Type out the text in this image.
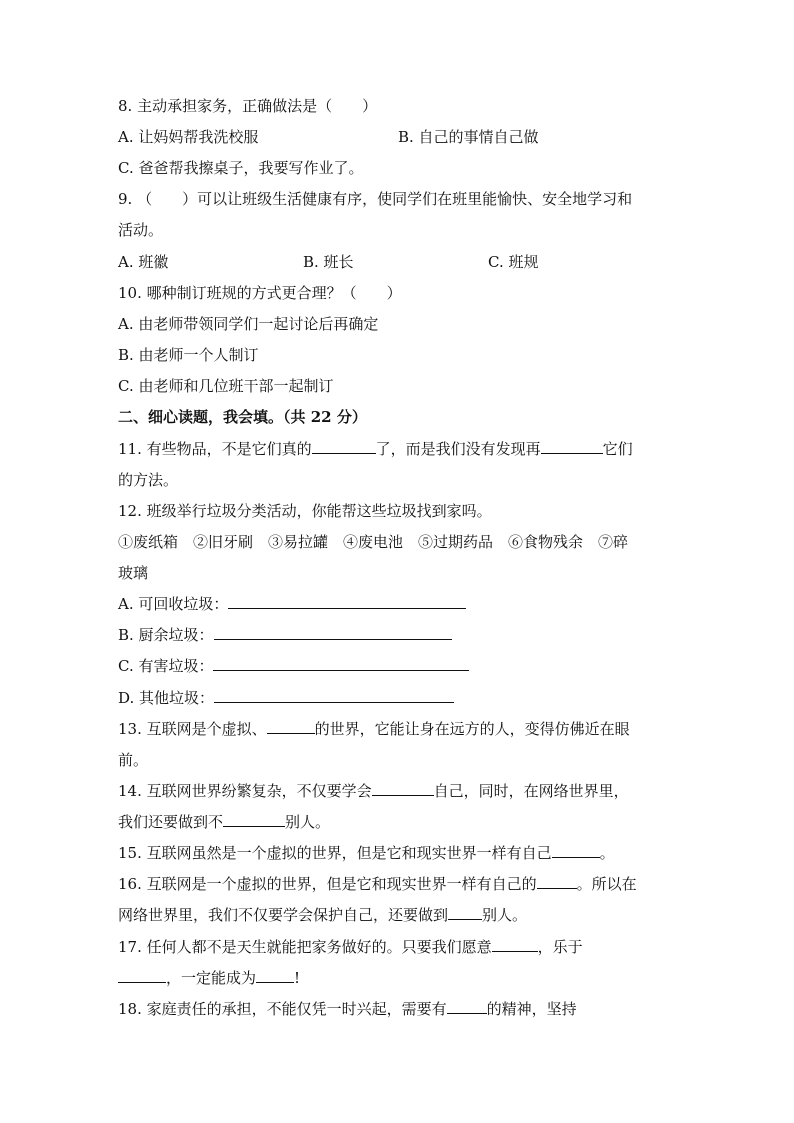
8. 主动承担家务，正确做法是（　　）
A. 让妈妈帮我洗校服	B. 自己的事情自己做
C. 爸爸帮我擦桌子，我要写作业了。
9. （　　）可以让班级生活健康有序，使同学们在班里能愉快、安全地学习和
活动。
A. 班徽	B. 班长	C. 班规
10. 哪种制订班规的方式更合理？（　　）
A. 由老师带领同学们一起讨论后再确定
B. 由老师一个人制订
C. 由老师和几位班干部一起制订
二、细心读题，我会填。（共 22 分）
11. 有些物品，不是它们真的	了，而是我们没有发现再	它们
的方法。
12. 班级举行垃圾分类活动，你能帮这些垃圾找到家吗。
①废纸箱　②旧牙刷　③易拉罐　④废电池　⑤过期药品　⑥食物残余　⑦碎
玻璃
A. 可回收垃圾：
B. 厨余垃圾：
C. 有害垃圾：
D. 其他垃圾：
13. 互联网是个虚拟、	的世界，它能让身在远方的人，变得仿佛近在眼
前。
14. 互联网世界纷繁复杂，不仅要学会	自己，同时，在网络世界里，
我们还要做到不	别人。
15. 互联网虽然是一个虚拟的世界，但是它和现实世界一样有自己	。
16. 互联网是一个虚拟的世界，但是它和现实世界一样有自己的	。所以在
网络世界里，我们不仅要学会保护自己，还要做到 别人。
17. 任何人都不是天生就能把家务做好的。只要我们愿意	，乐于
，一定能成为	!
18. 家庭责任的承担，不能仅凭一时兴起，需要有	的精神，坚持
